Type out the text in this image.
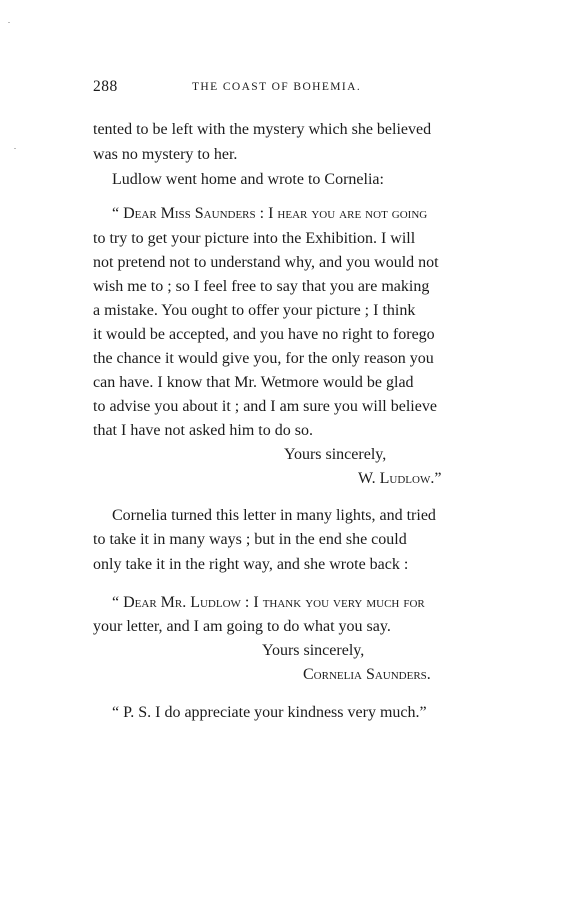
288	THE COAST OF BOHEMIA.
tented to be left with the mystery which she believed
was no mystery to her.
Ludlow went home and wrote to Cornelia:
“ Dear Miss Saunders : I hear you are not going
to try to get your picture into the Exhibition. I will
not pretend not to understand why, and you would not
wish me to ; so I feel free to say that you are making
a mistake. You ought to offer your picture ; I think
it would be accepted, and you have no right to forego
the chance it would give you, for the only reason you
can have. I know that Mr. Wetmore would be glad
to advise you about it ; and I am sure you will believe
that I have not asked him to do so.
Yours sincerely,
W. Ludlow.”
Cornelia turned this letter in many lights, and tried
to take it in many ways ; but in the end she could
only take it in the right way, and she wrote back :
“ Dear Mr. Ludlow : I thank you very much for
your letter, and I am going to do what you say.
Yours sincerely,
Cornelia Saunders.
“ P. S. I do appreciate your kindness very much.”
